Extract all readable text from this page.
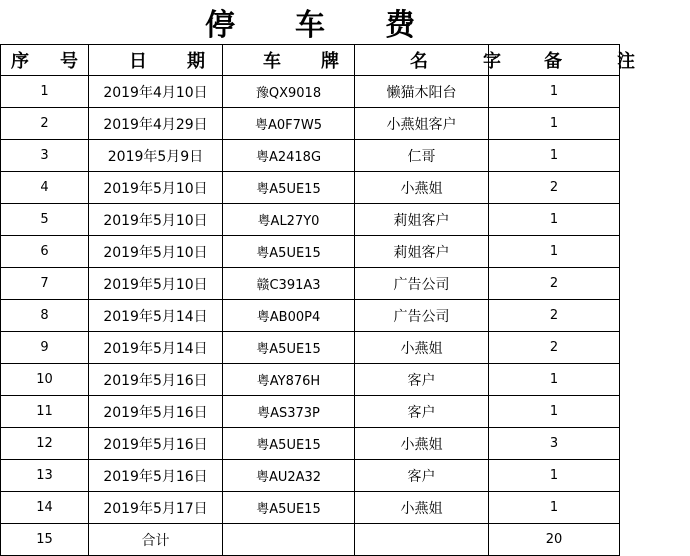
停车费				

序 号	日期	车牌	名字	备注
1	2019年4月10日	豫QX9018	懒猫木阳台	1
2	2019年4月29日	粤A0F7W5	小燕姐客户	1
3	2019年5月9日	粤A2418G	仁哥	1
4	2019年5月10日	粤A5UE15	小燕姐	2
5	2019年5月10日	粤AL27Y0	莉姐客户	1
6	2019年5月10日	粤A5UE15	莉姐客户	1
7	2019年5月10日	赣C391A3	广告公司	2
8	2019年5月14日	粤AB00P4	广告公司	2
9	2019年5月14日	粤A5UE15	小燕姐	2
10	2019年5月16日	粤AY876H	客户	1
11	2019年5月16日	粤AS373P	客户	1
12	2019年5月16日	粤A5UE15	小燕姐	3
13	2019年5月16日	粤AU2A32	客户	1
14	2019年5月17日	粤A5UE15	小燕姐	1
15	合计			20
